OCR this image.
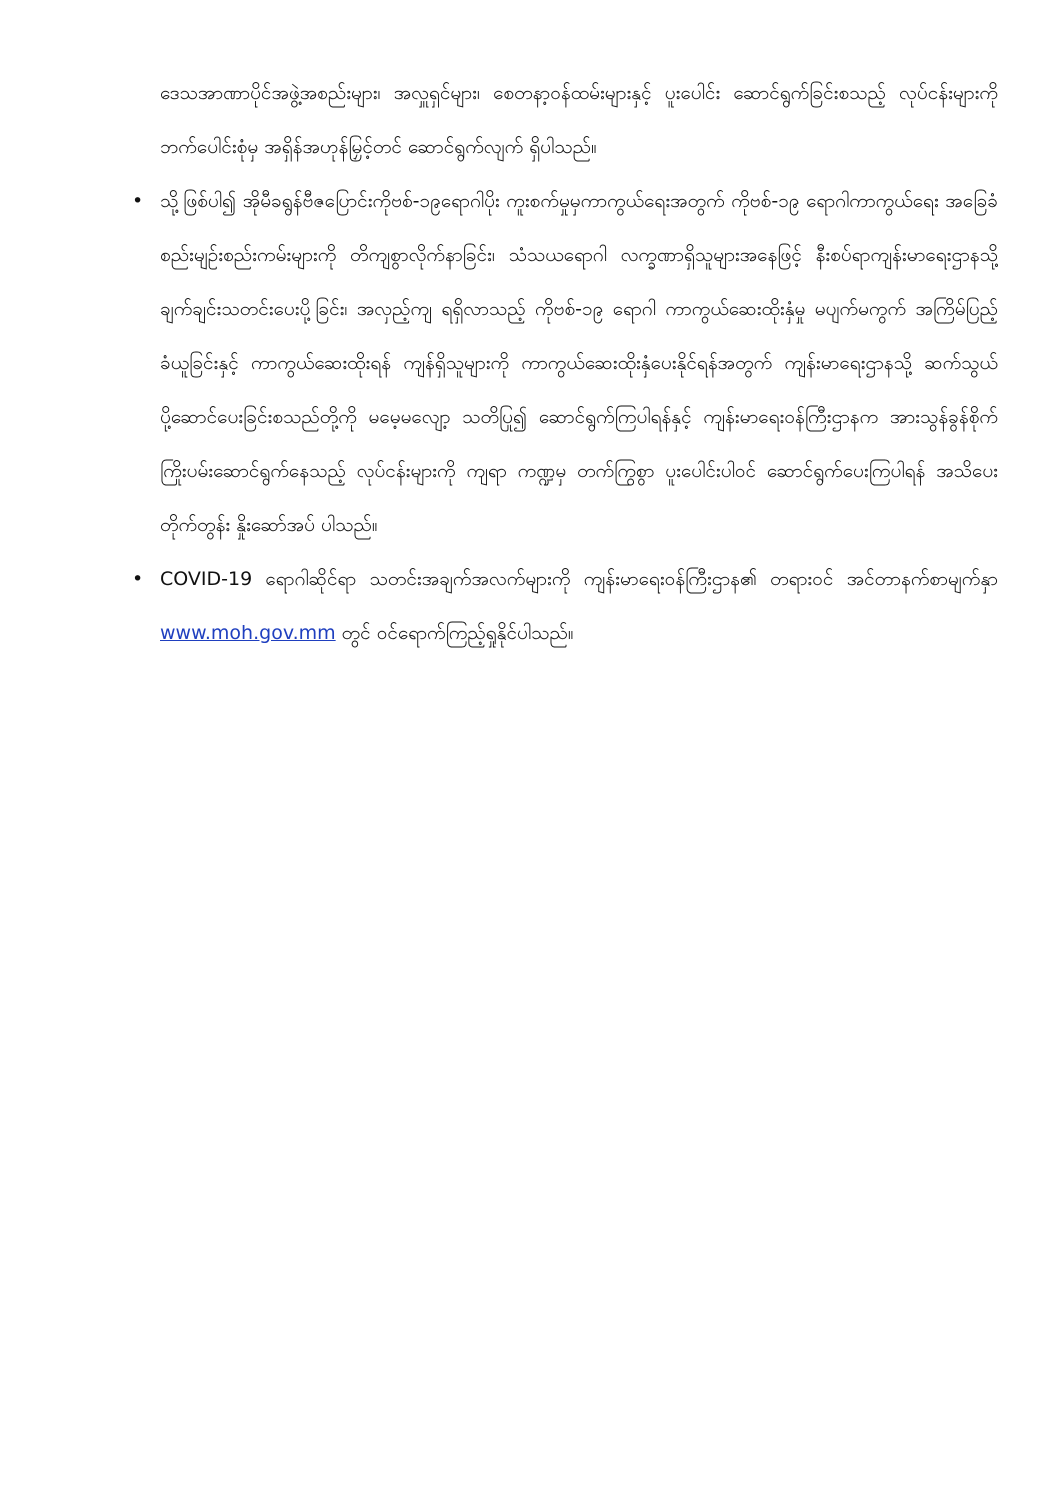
ဒေသအာဏာပိုင်အဖွဲ့အစည်းများ၊ အလှူရှင်များ၊ စေတနာ့ဝန်ထမ်းများနှင့် ပူးပေါင်း ဆောင်ရွက်ခြင်းစသည့် လုပ်ငန်းများကို ဘက်ပေါင်းစုံမှ အရှိန်အဟုန်မြှင့်တင် ဆောင်ရွက်လျက် ရှိပါသည်။

• သို့ဖြစ်ပါ၍ အိုမီခရွန်ဗီဇပြောင်းကိုဗစ်-၁၉ရောဂါပိုး ကူးစက်မှုမှကာကွယ်ရေးအတွက် ကိုဗစ်-၁၉ ရောဂါကာကွယ်ရေး အခြေခံ စည်းမျဉ်းစည်းကမ်းများကို တိကျစွာလိုက်နာခြင်း၊ သံသယရောဂါ လက္ခဏာရှိသူများအနေဖြင့် နီးစပ်ရာကျန်းမာရေးဌာနသို့ ချက်ချင်းသတင်းပေးပို့ခြင်း၊ အလှည့်ကျ ရရှိလာသည့် ကိုဗစ်-၁၉ ရောဂါ ကာကွယ်ဆေးထိုးနှံမှု မပျက်မကွက် အကြိမ်ပြည့်ခံယူခြင်းနှင့် ကာကွယ်ဆေးထိုးရန် ကျန်ရှိသူများကို ကာကွယ်ဆေးထိုးနှံပေးနိုင်ရန်အတွက် ကျန်းမာရေးဌာနသို့ ဆက်သွယ် ပို့ဆောင်ပေးခြင်းစသည်တို့ကို မမေ့မလျော့ သတိပြု၍ ဆောင်ရွက်ကြပါရန်နှင့် ကျန်းမာရေးဝန်ကြီးဌာနက အားသွန်ခွန်စိုက် ကြိုးပမ်းဆောင်ရွက်နေသည့် လုပ်ငန်းများကို ကျရာ ကဏ္ဍမှ တက်ကြွစွာ ပူးပေါင်းပါဝင် ဆောင်ရွက်ပေးကြပါရန် အသိပေးတိုက်တွန်း နှိုးဆော်အပ် ပါသည်။

• COVID-19 ရောဂါဆိုင်ရာ သတင်းအချက်အလက်များကို ကျန်းမာရေးဝန်ကြီးဌာန၏ တရားဝင် အင်တာနက်စာမျက်နှာ www.moh.gov.mm တွင် ဝင်ရောက်ကြည့်ရှုနိုင်ပါသည်။
